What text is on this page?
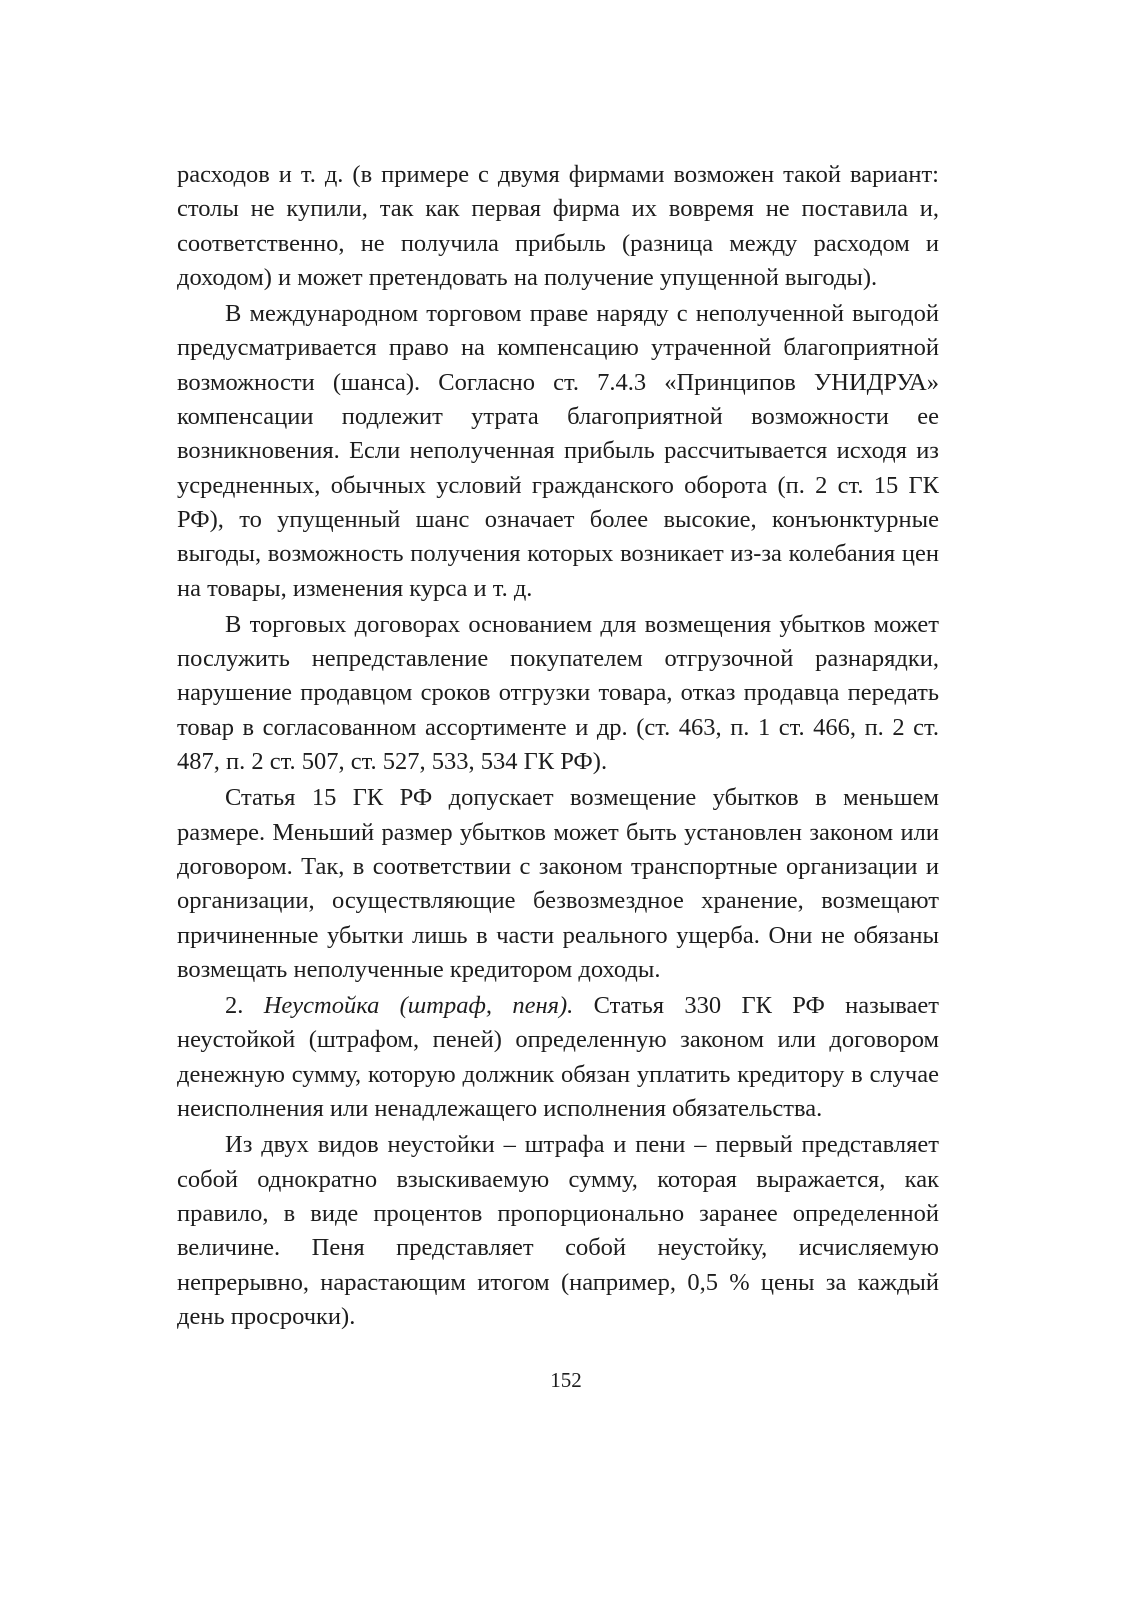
расходов и т. д. (в примере с двумя фирмами возможен такой вариант: столы не купили, так как первая фирма их вовремя не поставила и, соответственно, не получила прибыль (разница между расходом и доходом) и может претендовать на получение упущенной выгоды).

В международном торговом праве наряду с неполученной выгодой предусматривается право на компенсацию утраченной благоприятной возможности (шанса). Согласно ст. 7.4.3 «Принципов УНИДРУА» компенсации подлежит утрата благоприятной возможности ее возникновения. Если неполученная прибыль рассчитывается исходя из усредненных, обычных условий гражданского оборота (п. 2 ст. 15 ГК РФ), то упущенный шанс означает более высокие, конъюнктурные выгоды, возможность получения которых возникает из-за колебания цен на товары, изменения курса и т. д.

В торговых договорах основанием для возмещения убытков может послужить непредставление покупателем отгрузочной разнарядки, нарушение продавцом сроков отгрузки товара, отказ продавца передать товар в согласованном ассортименте и др. (ст. 463, п. 1 ст. 466, п. 2 ст. 487, п. 2 ст. 507, ст. 527, 533, 534 ГК РФ).

Статья 15 ГК РФ допускает возмещение убытков в меньшем размере. Меньший размер убытков может быть установлен законом или договором. Так, в соответствии с законом транспортные организации и организации, осуществляющие безвозмездное хранение, возмещают причиненные убытки лишь в части реального ущерба. Они не обязаны возмещать неполученные кредитором доходы.

2. Неустойка (штраф, пеня). Статья 330 ГК РФ называет неустойкой (штрафом, пеней) определенную законом или договором денежную сумму, которую должник обязан уплатить кредитору в случае неисполнения или ненадлежащего исполнения обязательства.

Из двух видов неустойки – штрафа и пени – первый представляет собой однократно взыскиваемую сумму, которая выражается, как правило, в виде процентов пропорционально заранее определенной величине. Пеня представляет собой неустойку, исчисляемую непрерывно, нарастающим итогом (например, 0,5 % цены за каждый день просрочки).

152
